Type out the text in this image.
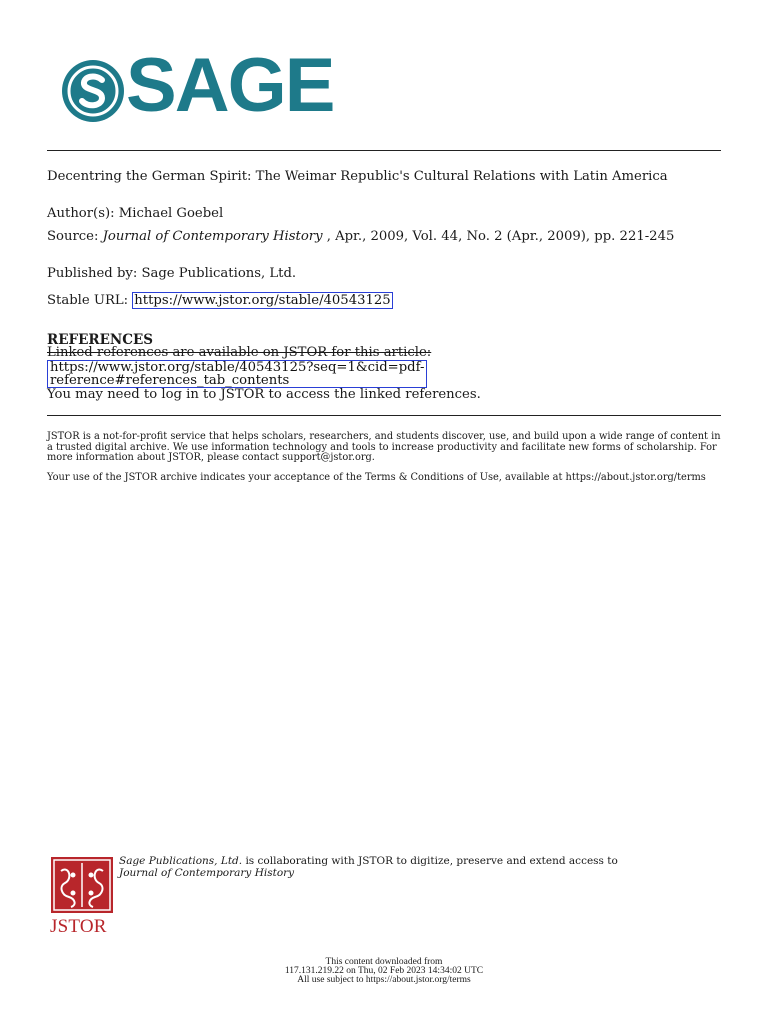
SAGE
Decentring the German Spirit: The Weimar Republic's Cultural Relations with Latin America
Author(s): Michael Goebel
Source: Journal of Contemporary History , Apr., 2009, Vol. 44, No. 2 (Apr., 2009), pp. 221-245
Published by: Sage Publications, Ltd.
Stable URL: https://www.jstor.org/stable/40543125
REFERENCES
Linked references are available on JSTOR for this article:
https://www.jstor.org/stable/40543125?seq=1&cid=pdf-
reference#references_tab_contents
You may need to log in to JSTOR to access the linked references.
JSTOR is a not-for-profit service that helps scholars, researchers, and students discover, use, and build upon a wide range of content in a trusted digital archive. We use information technology and tools to increase productivity and facilitate new forms of scholarship. For more information about JSTOR, please contact support@jstor.org.
Your use of the JSTOR archive indicates your acceptance of the Terms & Conditions of Use, available at https://about.jstor.org/terms
JSTOR
Sage Publications, Ltd. is collaborating with JSTOR to digitize, preserve and extend access to
Journal of Contemporary History
This content downloaded from
117.131.219.22 on Thu, 02 Feb 2023 14:34:02 UTC
All use subject to https://about.jstor.org/terms
